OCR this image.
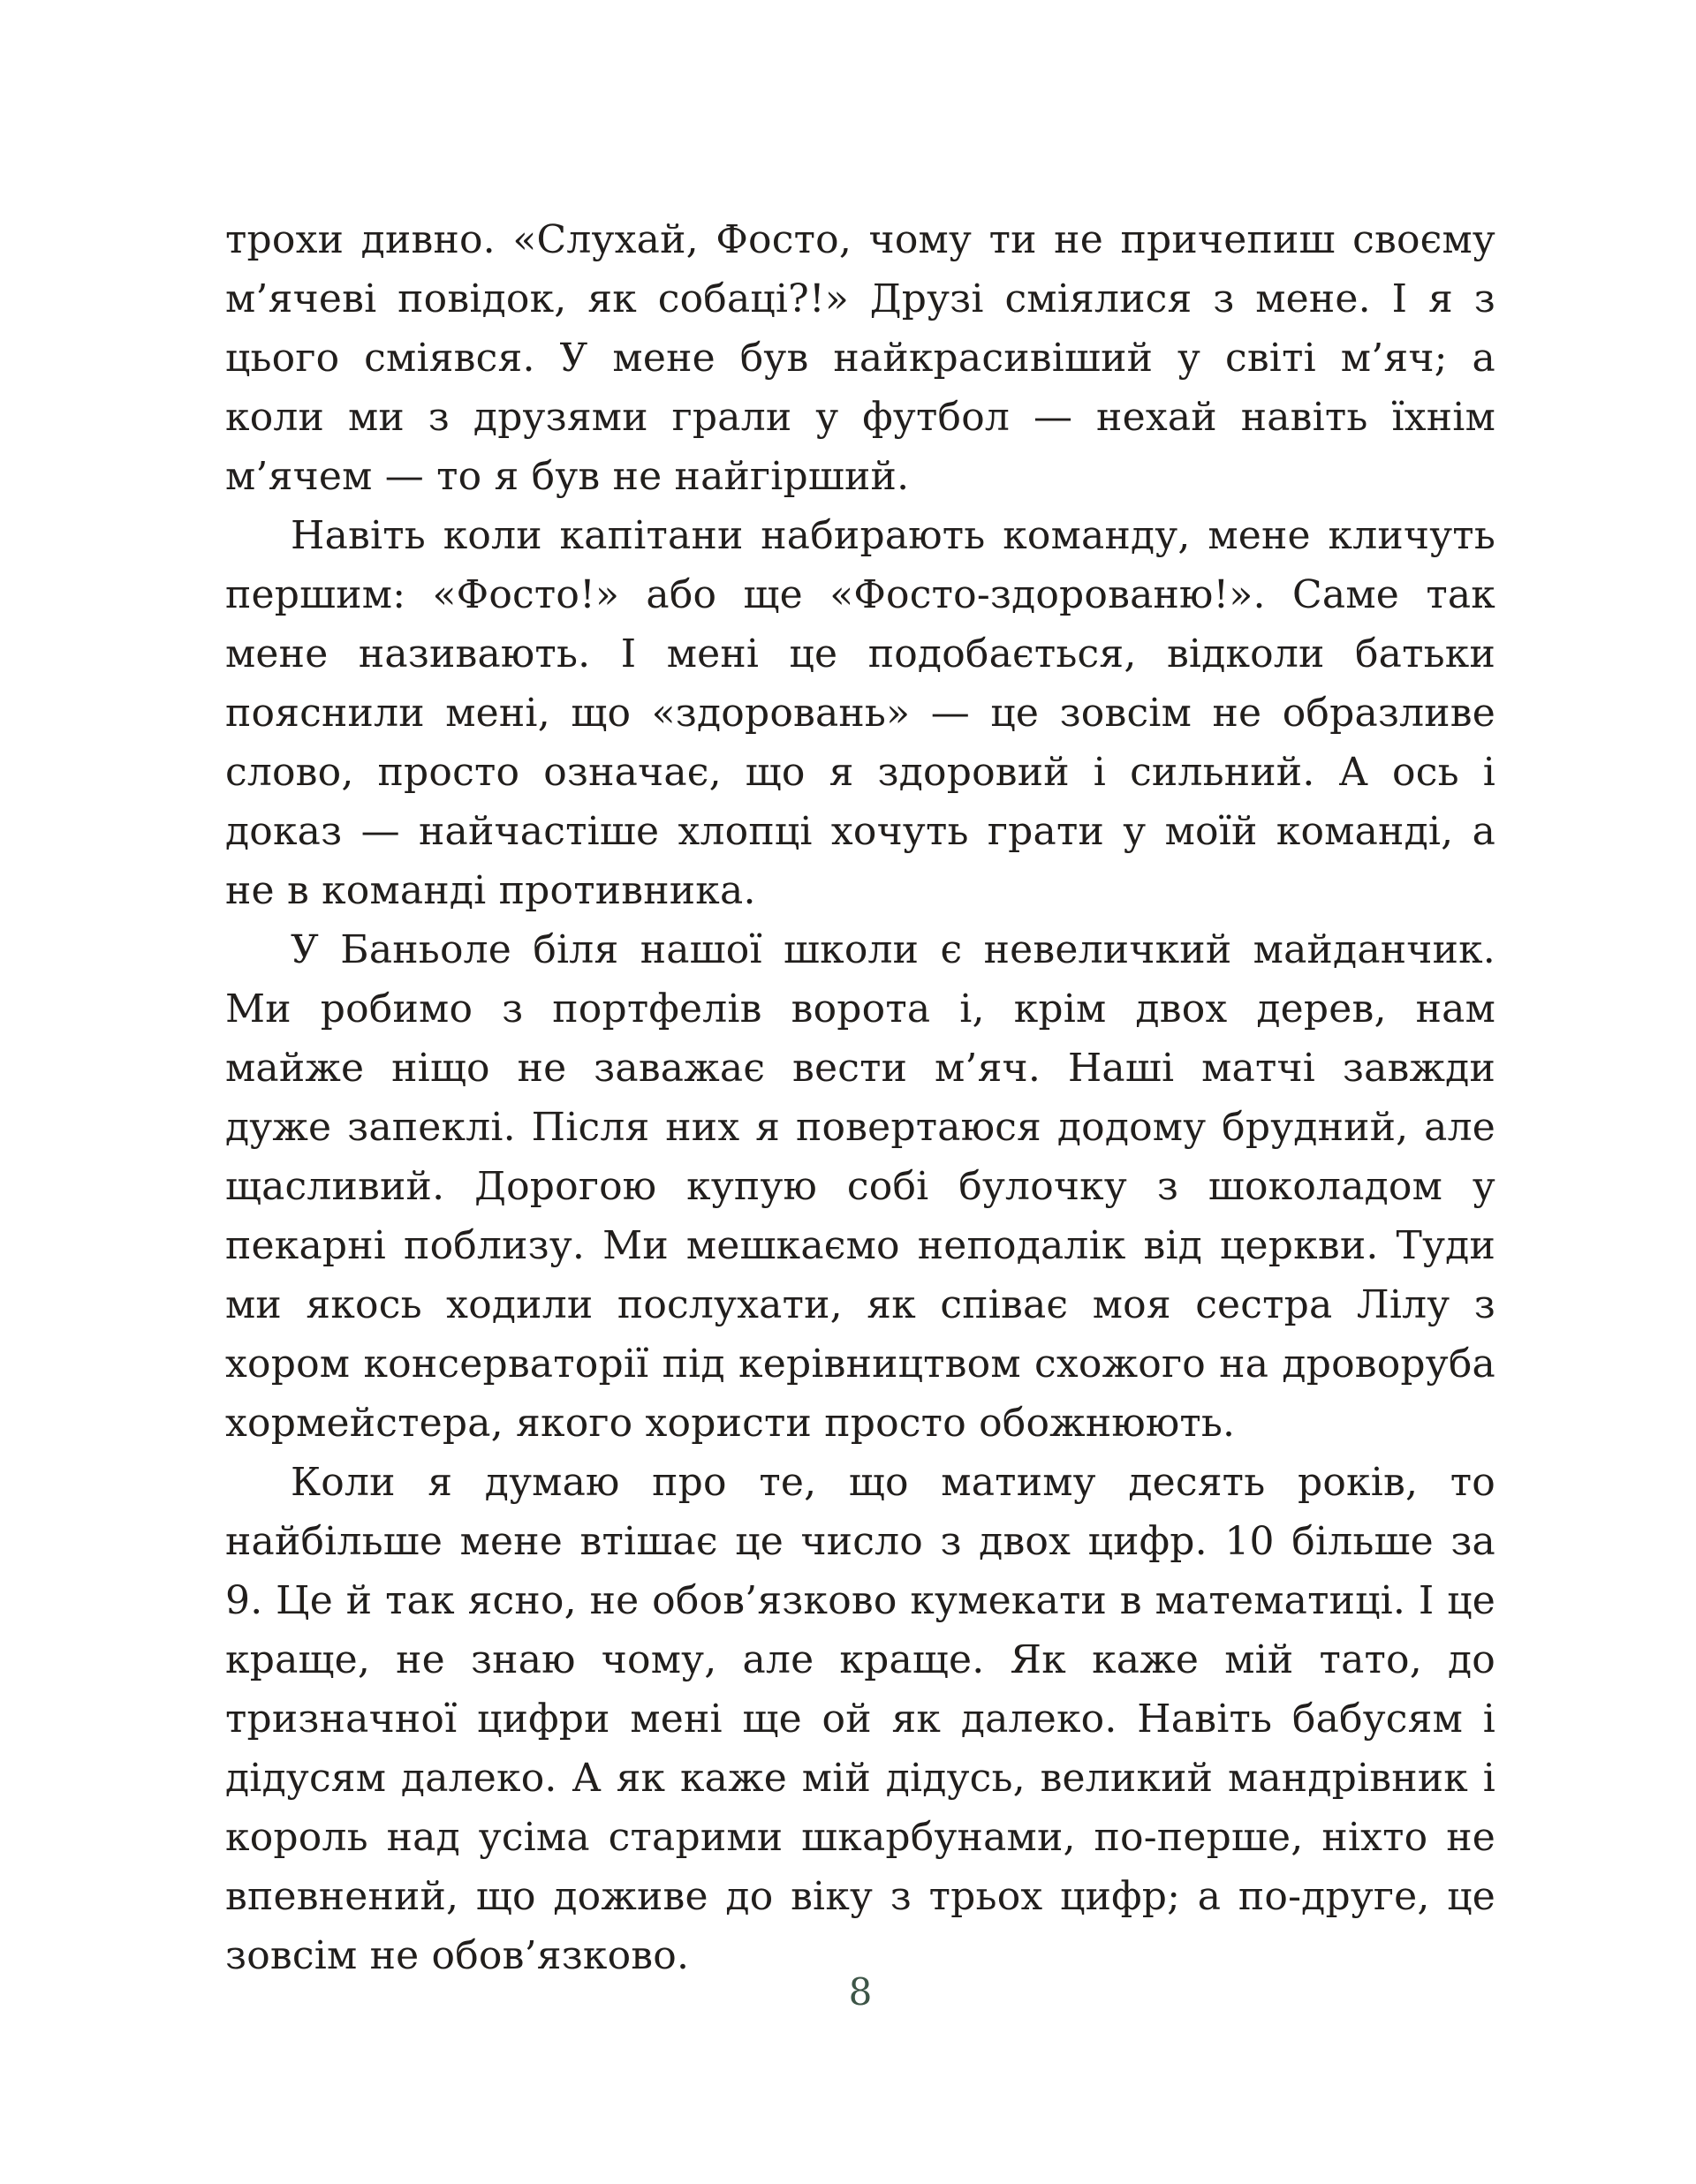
трохи дивно. «Слухай, Фосто, чому ти не причепиш своєму м’ячеві повідок, як собаці?!» Друзі сміялися з мене. І я з цього сміявся. У мене був найкрасивіший у світі м’яч; а коли ми з друзями грали у футбол — нехай навіть їхнім м’ячем — то я був не найгірший.

Навіть коли капітани набирають команду, мене кличуть першим: «Фосто!» або ще «Фосто-здорованю!». Саме так мене називають. І мені це подобається, відколи батьки пояснили мені, що «здоровань» — це зовсім не образливе слово, просто означає, що я здоровий і сильний. А ось і доказ — найчастіше хлопці хочуть грати у моїй команді, а не в команді противника.

У Баньоле біля нашої школи є невеличкий майданчик. Ми робимо з портфелів ворота і, крім двох дерев, нам майже ніщо не заважає вести м’яч. Наші матчі завжди дуже запеклі. Після них я повертаюся додому брудний, але щасливий. Дорогою купую собі булочку з шоколадом у пекарні поблизу. Ми мешкаємо неподалік від церкви. Туди ми якось ходили послухати, як співає моя сестра Лілу з хором консерваторії під керівництвом схожого на дроворуба хормейстера, якого хористи просто обожнюють.

Коли я думаю про те, що матиму десять років, то найбільше мене втішає це число з двох цифр. 10 більше за 9. Це й так ясно, не обов’язково кумекати в математиці. І це краще, не знаю чому, але краще. Як каже мій тато, до тризначної цифри мені ще ой як далеко. Навіть бабусям і дідусям далеко. А як каже мій дідусь, великий мандрівник і король над усіма старими шкарбунами, по-перше, ніхто не впевнений, що доживе до віку з трьох цифр; а по-друге, це зовсім не обов’язково.

8
